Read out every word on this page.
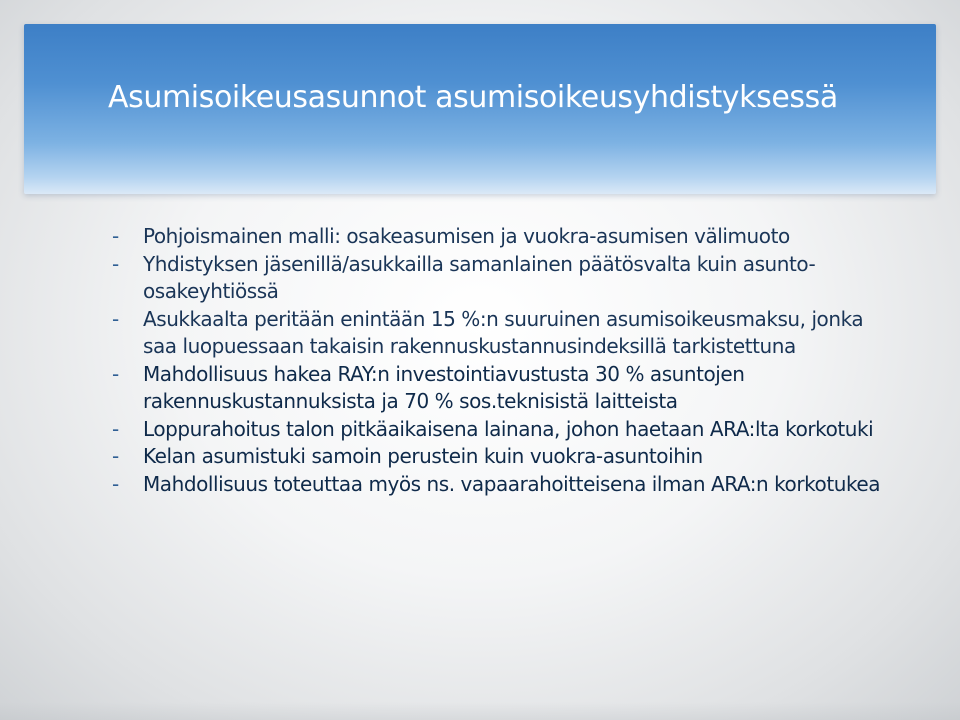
Asumisoikeusasunnot asumisoikeusyhdistyksessä
- Pohjoismainen malli: osakeasumisen ja vuokra-asumisen välimuoto
- Yhdistyksen jäsenillä/asukkailla samanlainen päätösvalta kuin asunto-osakeyhtiössä
- Asukkaalta peritään enintään 15 %:n suuruinen asumisoikeusmaksu, jonka saa luopuessaan takaisin rakennuskustannusindeksillä tarkistettuna
- Mahdollisuus hakea RAY:n investointiavustusta 30 % asuntojen rakennuskustannuksista ja 70 % sos.teknisistä laitteista
- Loppurahoitus talon pitkäaikaisena lainana, johon haetaan ARA:lta korkotuki
- Kelan asumistuki samoin perustein kuin vuokra-asuntoihin
- Mahdollisuus toteuttaa myös ns. vapaarahoitteisena ilman ARA:n korkotukea
